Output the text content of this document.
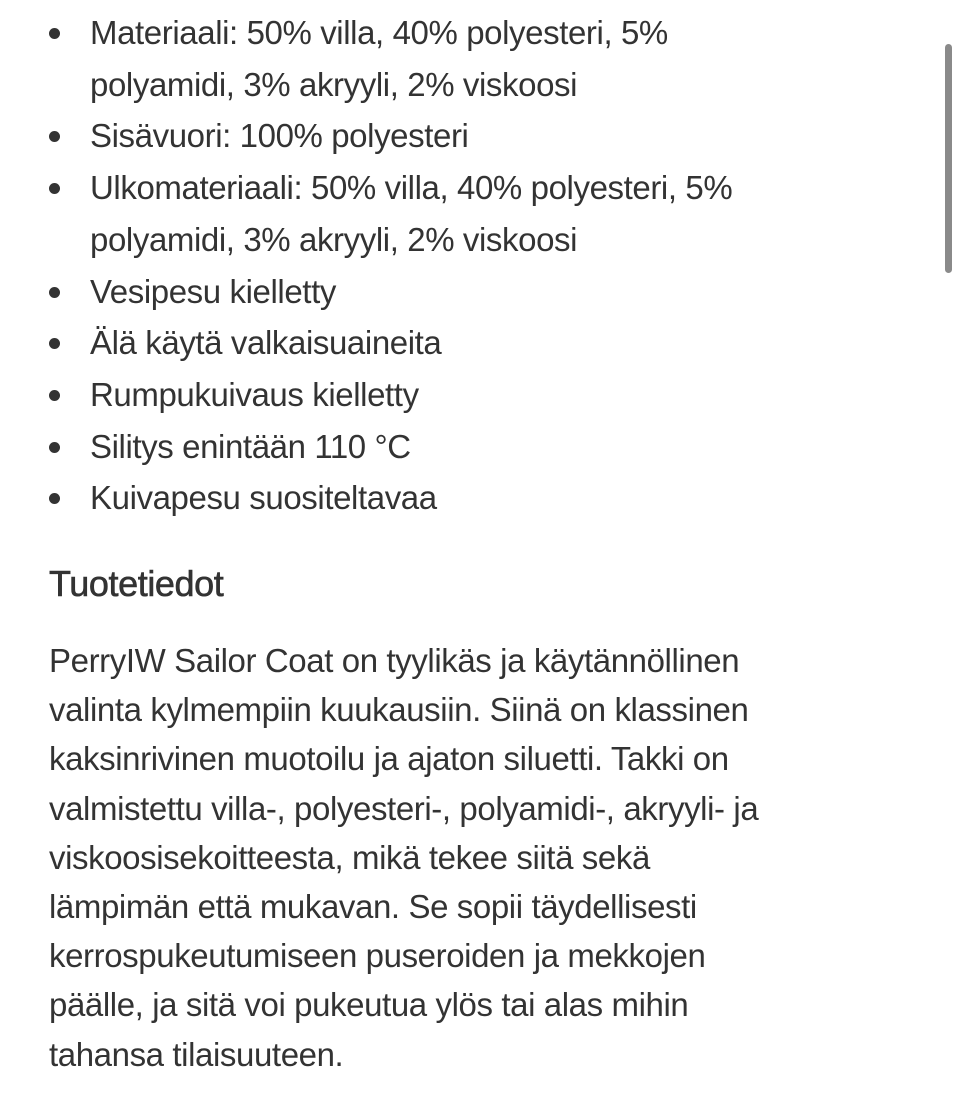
Materiaali: 50% villa, 40% polyesteri, 5%
polyamidi, 3% akryyli, 2% viskoosi
Sisävuori: 100% polyesteri
Ulkomateriaali: 50% villa, 40% polyesteri, 5%
polyamidi, 3% akryyli, 2% viskoosi
Vesipesu kielletty
Älä käytä valkaisuaineita
Rumpukuivaus kielletty
Silitys enintään 110 °C
Kuivapesu suositeltavaa
Tuotetiedot
PerryIW Sailor Coat on tyylikäs ja käytännöllinen
valinta kylmempiin kuukausiin. Siinä on klassinen
kaksinrivinen muotoilu ja ajaton siluetti. Takki on
valmistettu villa-, polyesteri-, polyamidi-, akryyli- ja
viskoosisekoitteesta, mikä tekee siitä sekä
lämpimän että mukavan. Se sopii täydellisesti
kerrospukeutumiseen puseroiden ja mekkojen
päälle, ja sitä voi pukeutua ylös tai alas mihin
tahansa tilaisuuteen.
